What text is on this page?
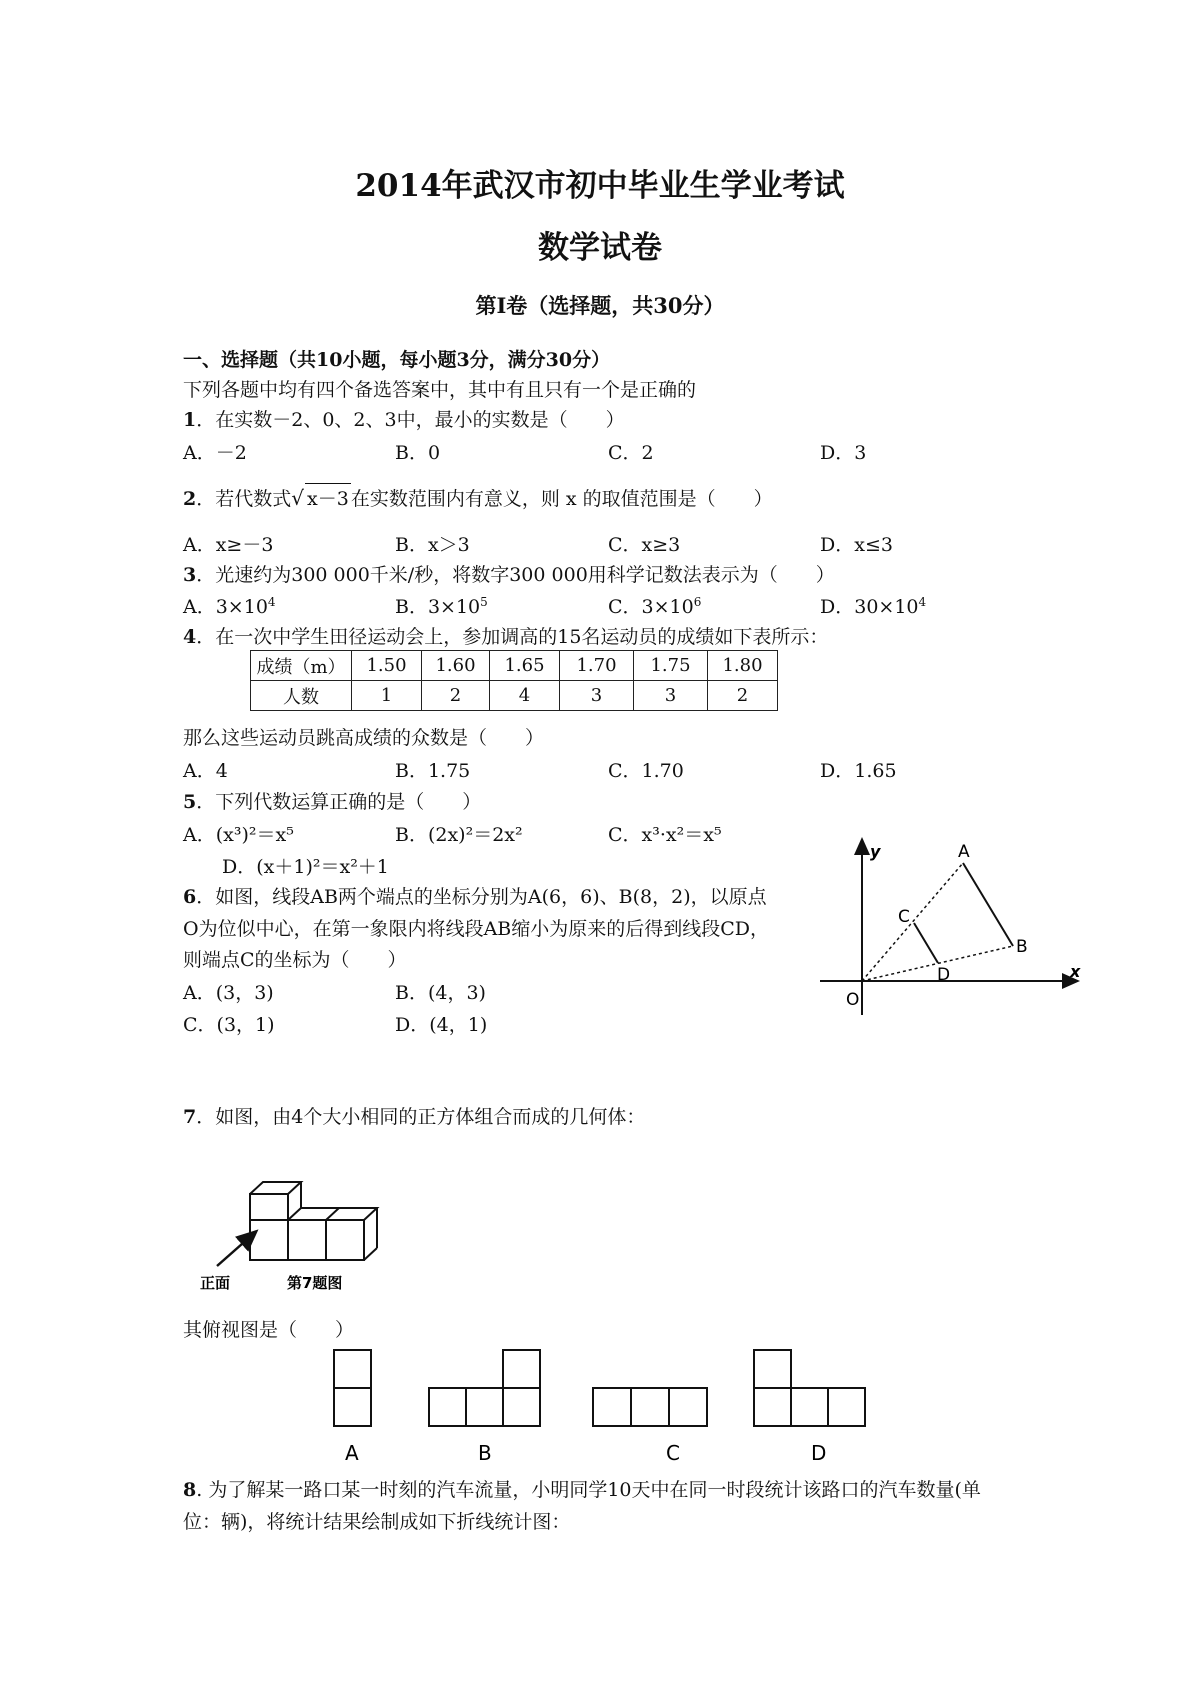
2014年武汉市初中毕业生学业考试
数学试卷
第Ⅰ卷（选择题，共30分）
一、选择题（共10小题，每小题3分，满分30分）
下列各题中均有四个备选答案中，其中有且只有一个是正确的
1．在实数－2、0、2、3中，最小的实数是（　　）
A．－2	B．0	C．2	D．3
2．若代数式√ x－3 在实数范围内有意义，则 x 的取值范围是（　　）
A．x≥－3	B．x＞3	C．x≥3	D．x≤3
3．光速约为300 000千米/秒，将数字300 000用科学记数法表示为（　　）
A．$3\times 10^4$	B．$3\times 10^5$	C．$3\times 10^6$	D．$30\times 10^4$
4．在一次中学生田径运动会上，参加调高的15名运动员的成绩如下表所示：
成绩（m）	1.50	1.60	1.65	1.70	1.75	1.80
人数	1	2	4	3	3	2
那么这些运动员跳高成绩的众数是（　　）
A．4	B．1.75	C．1.70	D．1.65
5．下列代数运算正确的是（　　）
A．(x³)²＝x⁵	B．(2x)²＝2x²	C．x³·x²＝x⁵
D．(x＋1)²＝x²＋1
6．如图，线段AB两个端点的坐标分别为A(6，6)、B(8，2)，以原点
O为位似中心，在第一象限内将线段AB缩小为原来的后得到线段CD，
则端点C的坐标为（　　）
A．(3，3)	B．(4，3)
C．(3，1)	D．(4，1)
y
x
O
A
B
C
D
7．如图，由4个大小相同的正方体组合而成的几何体：
正面	第7题图
其俯视图是（　　）
A	B	C	D
8. 为了解某一路口某一时刻的汽车流量，小明同学10天中在同一时段统计该路口的汽车数量(单
位：辆)，将统计结果绘制成如下折线统计图：
